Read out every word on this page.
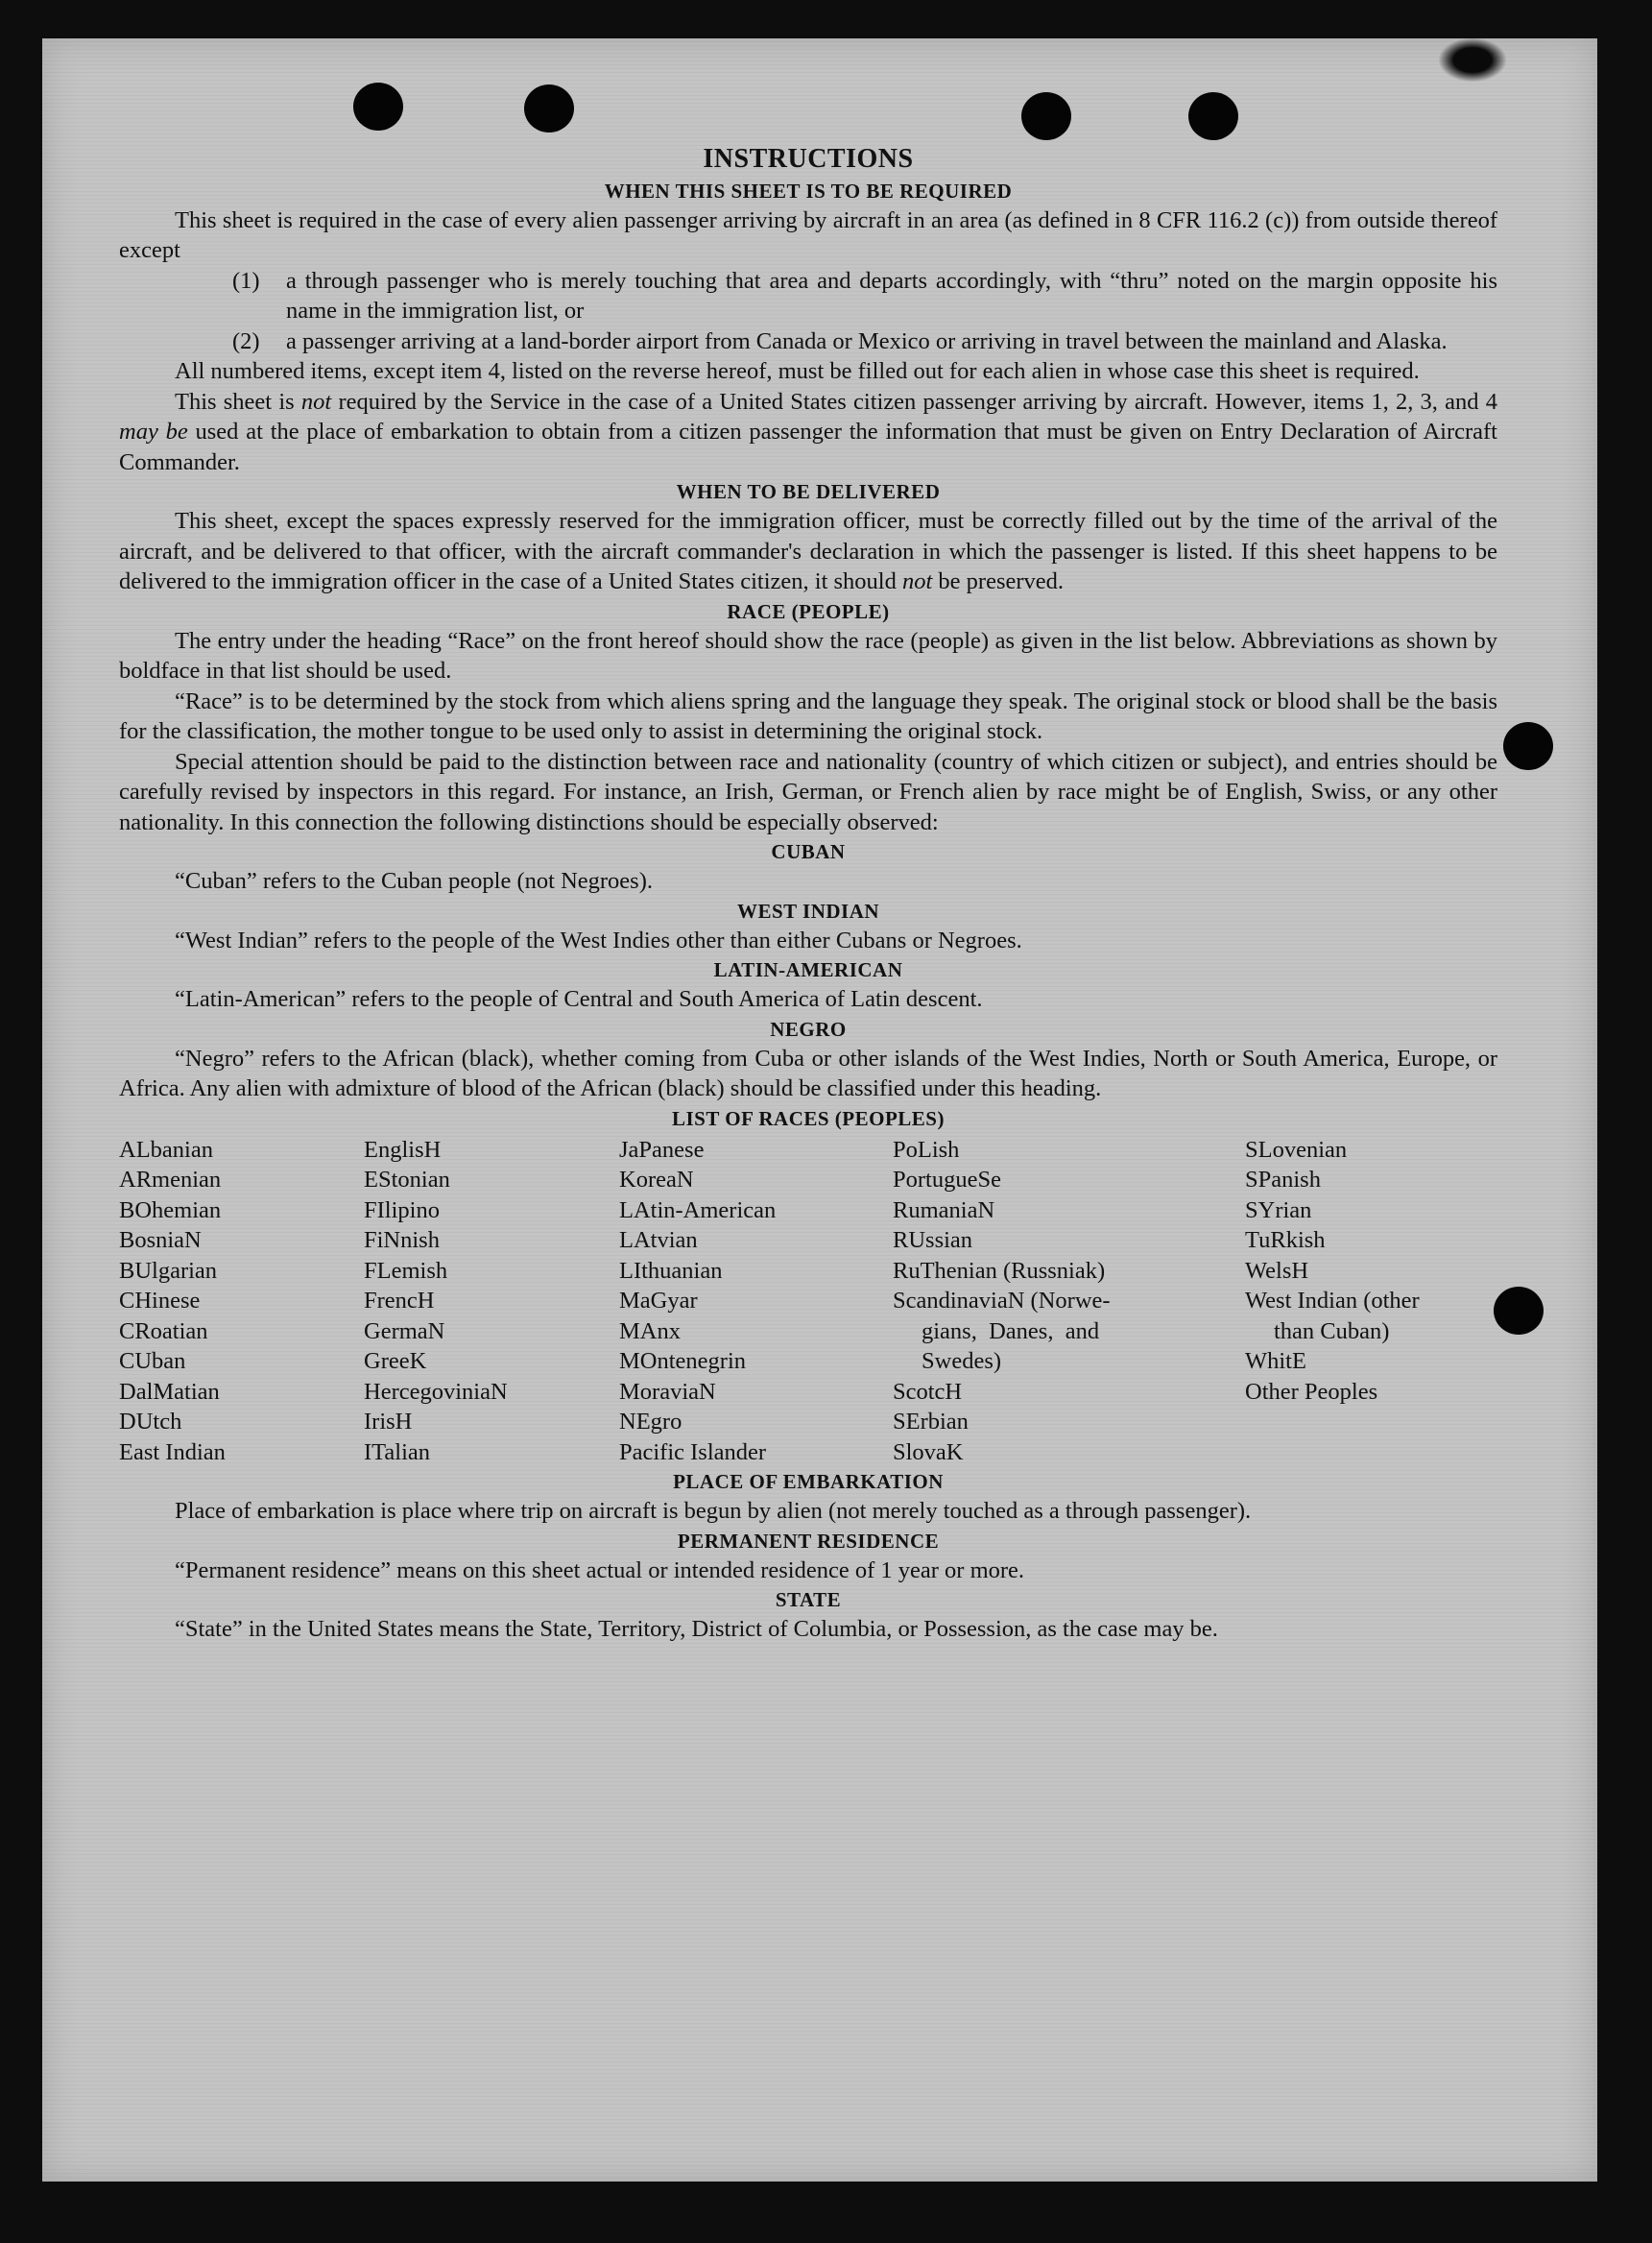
INSTRUCTIONS
WHEN THIS SHEET IS TO BE REQUIRED

This sheet is required in the case of every alien passenger arriving by aircraft in an area (as defined in 8 CFR 116.2 (c)) from outside thereof except

(1)	a through passenger who is merely touching that area and departs accordingly, with “thru” noted on the margin opposite his name in the immigration list, or
(2)	a passenger arriving at a land-border airport from Canada or Mexico or arriving in travel between the mainland and Alaska.

All numbered items, except item 4, listed on the reverse hereof, must be filled out for each alien in whose case this sheet is required.

This sheet is not required by the Service in the case of a United States citizen passenger arriving by aircraft. However, items 1, 2, 3, and 4 may be used at the place of embarkation to obtain from a citizen passenger the information that must be given on Entry Declaration of Aircraft Commander.

WHEN TO BE DELIVERED

This sheet, except the spaces expressly reserved for the immigration officer, must be correctly filled out by the time of the arrival of the aircraft, and be delivered to that officer, with the aircraft commander's declaration in which the passenger is listed. If this sheet happens to be delivered to the immigration officer in the case of a United States citizen, it should not be preserved.

RACE (PEOPLE)

The entry under the heading “Race” on the front hereof should show the race (people) as given in the list below. Abbreviations as shown by boldface in that list should be used.

“Race” is to be determined by the stock from which aliens spring and the language they speak. The original stock or blood shall be the basis for the classification, the mother tongue to be used only to assist in determining the original stock.

Special attention should be paid to the distinction between race and nationality (country of which citizen or subject), and entries should be carefully revised by inspectors in this regard. For instance, an Irish, German, or French alien by race might be of English, Swiss, or any other nationality. In this connection the following distinctions should be especially observed:

CUBAN

“Cuban” refers to the Cuban people (not Negroes).

WEST INDIAN

“West Indian” refers to the people of the West Indies other than either Cubans or Negroes.

LATIN-AMERICAN

“Latin-American” refers to the people of Central and South America of Latin descent.

NEGRO

“Negro” refers to the African (black), whether coming from Cuba or other islands of the West Indies, North or South America, Europe, or Africa. Any alien with admixture of blood of the African (black) should be classified under this heading.

LIST OF RACES (PEOPLES)
ALbanian
ARmenian
BOhemian
BosniaN
BUlgarian
CHinese
CRoatian
CUban
DalMatian
DUtch
East Indian
EnglisH
EStonian
FIlipino
FiNnish
FLemish
FrencH
GermaN
GreeK
HercegoviniaN
IrisH
ITalian
JaPanese
KoreaN
LAtin-American
LAtvian
LIthuanian
MaGyar
MAnx
MOntenegrin
MoraviaN
NEgro
Pacific Islander
PoLish
PortugueSe
RumaniaN
RUssian
RuThenian (Russniak)
ScandinaviaN (Norwe-
gians,  Danes,  and
Swedes)
ScotcH
SErbian
SlovaK
SLovenian
SPanish
SYrian
TuRkish
WelsH
West Indian (other
than Cuban)
WhitE
Other Peoples
PLACE OF EMBARKATION

Place of embarkation is place where trip on aircraft is begun by alien (not merely touched as a through passenger).

PERMANENT RESIDENCE

“Permanent residence” means on this sheet actual or intended residence of 1 year or more.

STATE

“State” in the United States means the State, Territory, District of Columbia, or Possession, as the case may be.
